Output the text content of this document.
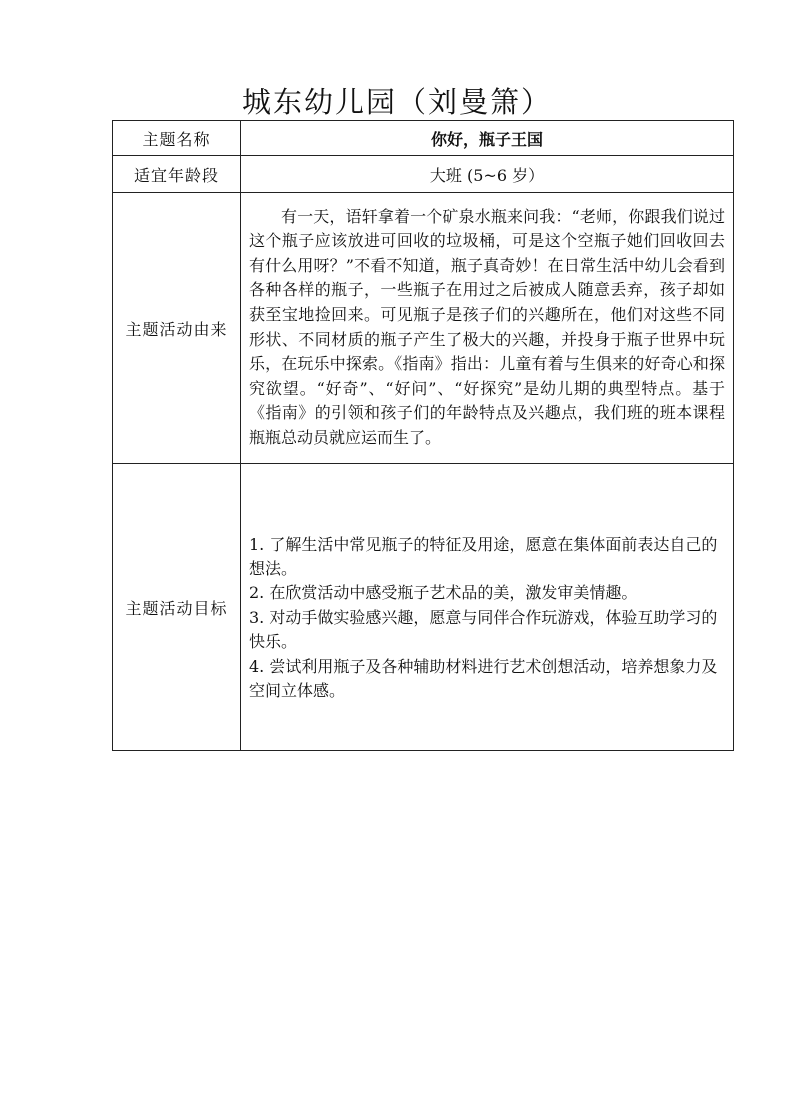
城东幼儿园（刘曼箫）
主题名称	你好，瓶子王国
适宜年龄段	大班 (5~6 岁）
主题活动由来	有一天，语轩拿着一个矿泉水瓶来问我：“老师，你跟我们说过这个瓶子应该放进可回收的垃圾桶，可是这个空瓶子她们回收回去有什么用呀？”不看不知道，瓶子真奇妙！在日常生活中幼儿会看到各种各样的瓶子，一些瓶子在用过之后被成人随意丢弃，孩子却如获至宝地捡回来。可见瓶子是孩子们的兴趣所在，他们对这些不同形状、不同材质的瓶子产生了极大的兴趣，并投身于瓶子世界中玩乐，在玩乐中探索。《指南》指出：儿童有着与生俱来的好奇心和探究欲望。“好奇”、“好问”、“好探究”是幼儿期的典型特点。基于《指南》的引领和孩子们的年龄特点及兴趣点，我们班的班本课程瓶瓶总动员就应运而生了。

主题活动目标	1. 了解生活中常见瓶子的特征及用途，愿意在集体面前表达自己的想法。

2. 在欣赏活动中感受瓶子艺术品的美，激发审美情趣。

3. 对动手做实验感兴趣，愿意与同伴合作玩游戏，体验互助学习的快乐。

4. 尝试利用瓶子及各种辅助材料进行艺术创想活动，培养想象力及空间立体感。
